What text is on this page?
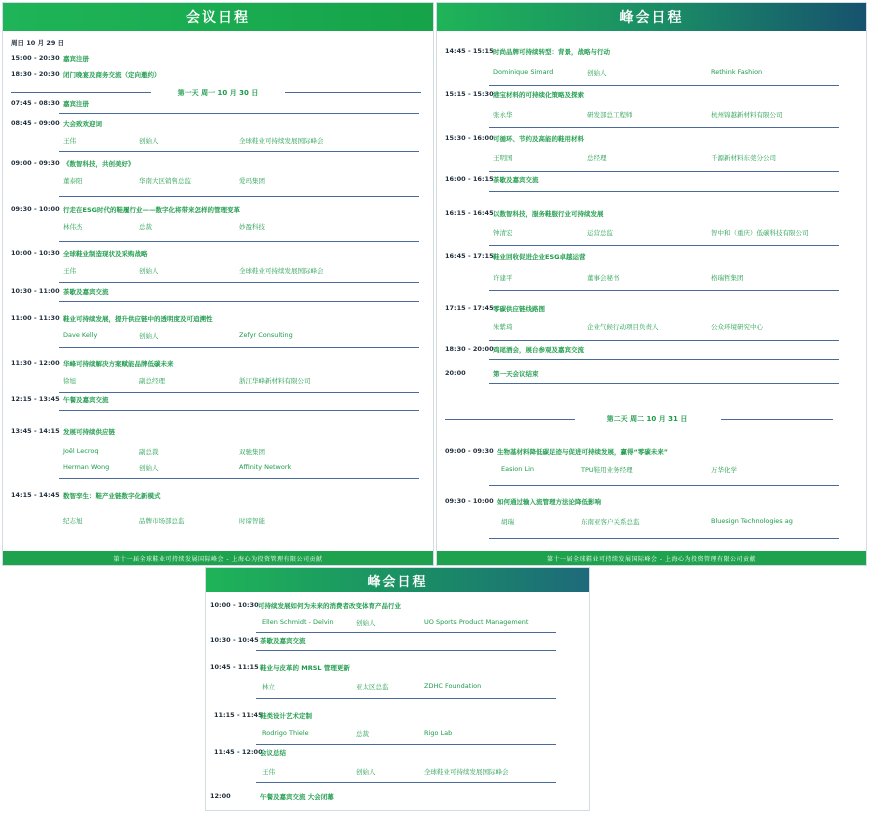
会议日程
周日 10 月 29 日
15:00 - 20:30 嘉宾注册
18:30 - 20:30 闭门晚宴及商务交流（定向邀约）
07:45 - 08:30 嘉宾注册
08:45 - 09:00 大会致欢迎词
王伟	创始人	全球鞋业可持续发展国际峰会
09:00 - 09:30 《数智科技，共创美好》
董泰阳	华南大区销售总监	爱玛集团
09:30 - 10:00 行走在ESG时代的鞋履行业——数字化将带来怎样的管理变革
林伟杰	总裁	妙盈科技
10:00 - 10:30 全球鞋业制造现状及采购战略
王伟	创始人	全球鞋业可持续发展国际峰会
10:30 - 11:00 茶歇及嘉宾交流
11:00 - 11:30 鞋业可持续发展，提升供应链中的透明度及可追溯性
Dave Kelly	创始人	Zefyr Consulting
11:30 - 12:00 华峰可持续解决方案赋能品牌低碳未来
徐旭	副总经理	浙江华峰新材料有限公司
12:15 - 13:45 午餐及嘉宾交流
13:45 - 14:15 发展可持续供应链
Joël Lecroq	副总裁	双驰集团
Herman Wong	创始人	Affinity Network
14:15 - 14:45 数智孪生：鞋产业链数字化新模式
纪志旭	品牌市场部总监	时谛智能
第一天 周一 10 月 30 日
第十一届全球鞋业可持续发展国际峰会 - 上海心为投资管理有限公司贡献
峰会日程
14:45 - 15:15 时尚品牌可持续转型：背景，战略与行动
Dominique Simard	创始人	Rethink Fashion
15:15 - 15:30 港宝材料的可持续化策略及探索
张永华	研发部总工程师	杭州锦越新材料有限公司
15:30 - 16:00 可循环、节约及高能的鞋用材料
王明国	总经理	千源新材料东莞分公司
16:00 - 16:15 茶歇及嘉宾交流
16:15 - 16:45 以数智科技，服务鞋服行业可持续发展
钟清宏	运营总监	智中和（重庆）低碳科技有限公司
16:45 - 17:15 鞋业回收促进企业ESG卓越运营
许建平	董事会秘书	格瑞哲集团
17:15 - 17:45 零碳供应链线路图
朱紫琦	企业气候行动项目负责人	公众环境研究中心
18:30 - 20:00 鸡尾酒会，展台参观及嘉宾交流
20:00	第一天会议结束
09:00 - 09:30 生物基材料降低碳足迹与促进可持续发展，赢得“零碳未来”
Easion Lin	TPU鞋用业务经理	万华化学
09:30 - 10:00 如何通过输入流管理方法论降低影响
胡瑞	东南亚客户关系总监	Bluesign Technologies ag
第二天 周二 10 月 31 日
第十一届全球鞋业可持续发展国际峰会 - 上海心为投资管理有限公司贡献
峰会日程
10:00 - 10:30 可持续发展如何为未来的消费者改变体育产品行业
Ellen Schmidt - Delvin	创始人	UO Sports Product Management
10:30 - 10:45 茶歇及嘉宾交流
10:45 - 11:15 鞋业与皮革的 MRSL 管理更新
林立	亚太区总监	ZDHC Foundation
11:15 - 11:45
鞋类设计艺术定制
Rodrigo Thiele	总裁	Rigo Lab
11:45 - 12:00
会议总结
王伟	创始人	全球鞋业可持续发展国际峰会
12:00	午餐及嘉宾交流 大会闭幕
